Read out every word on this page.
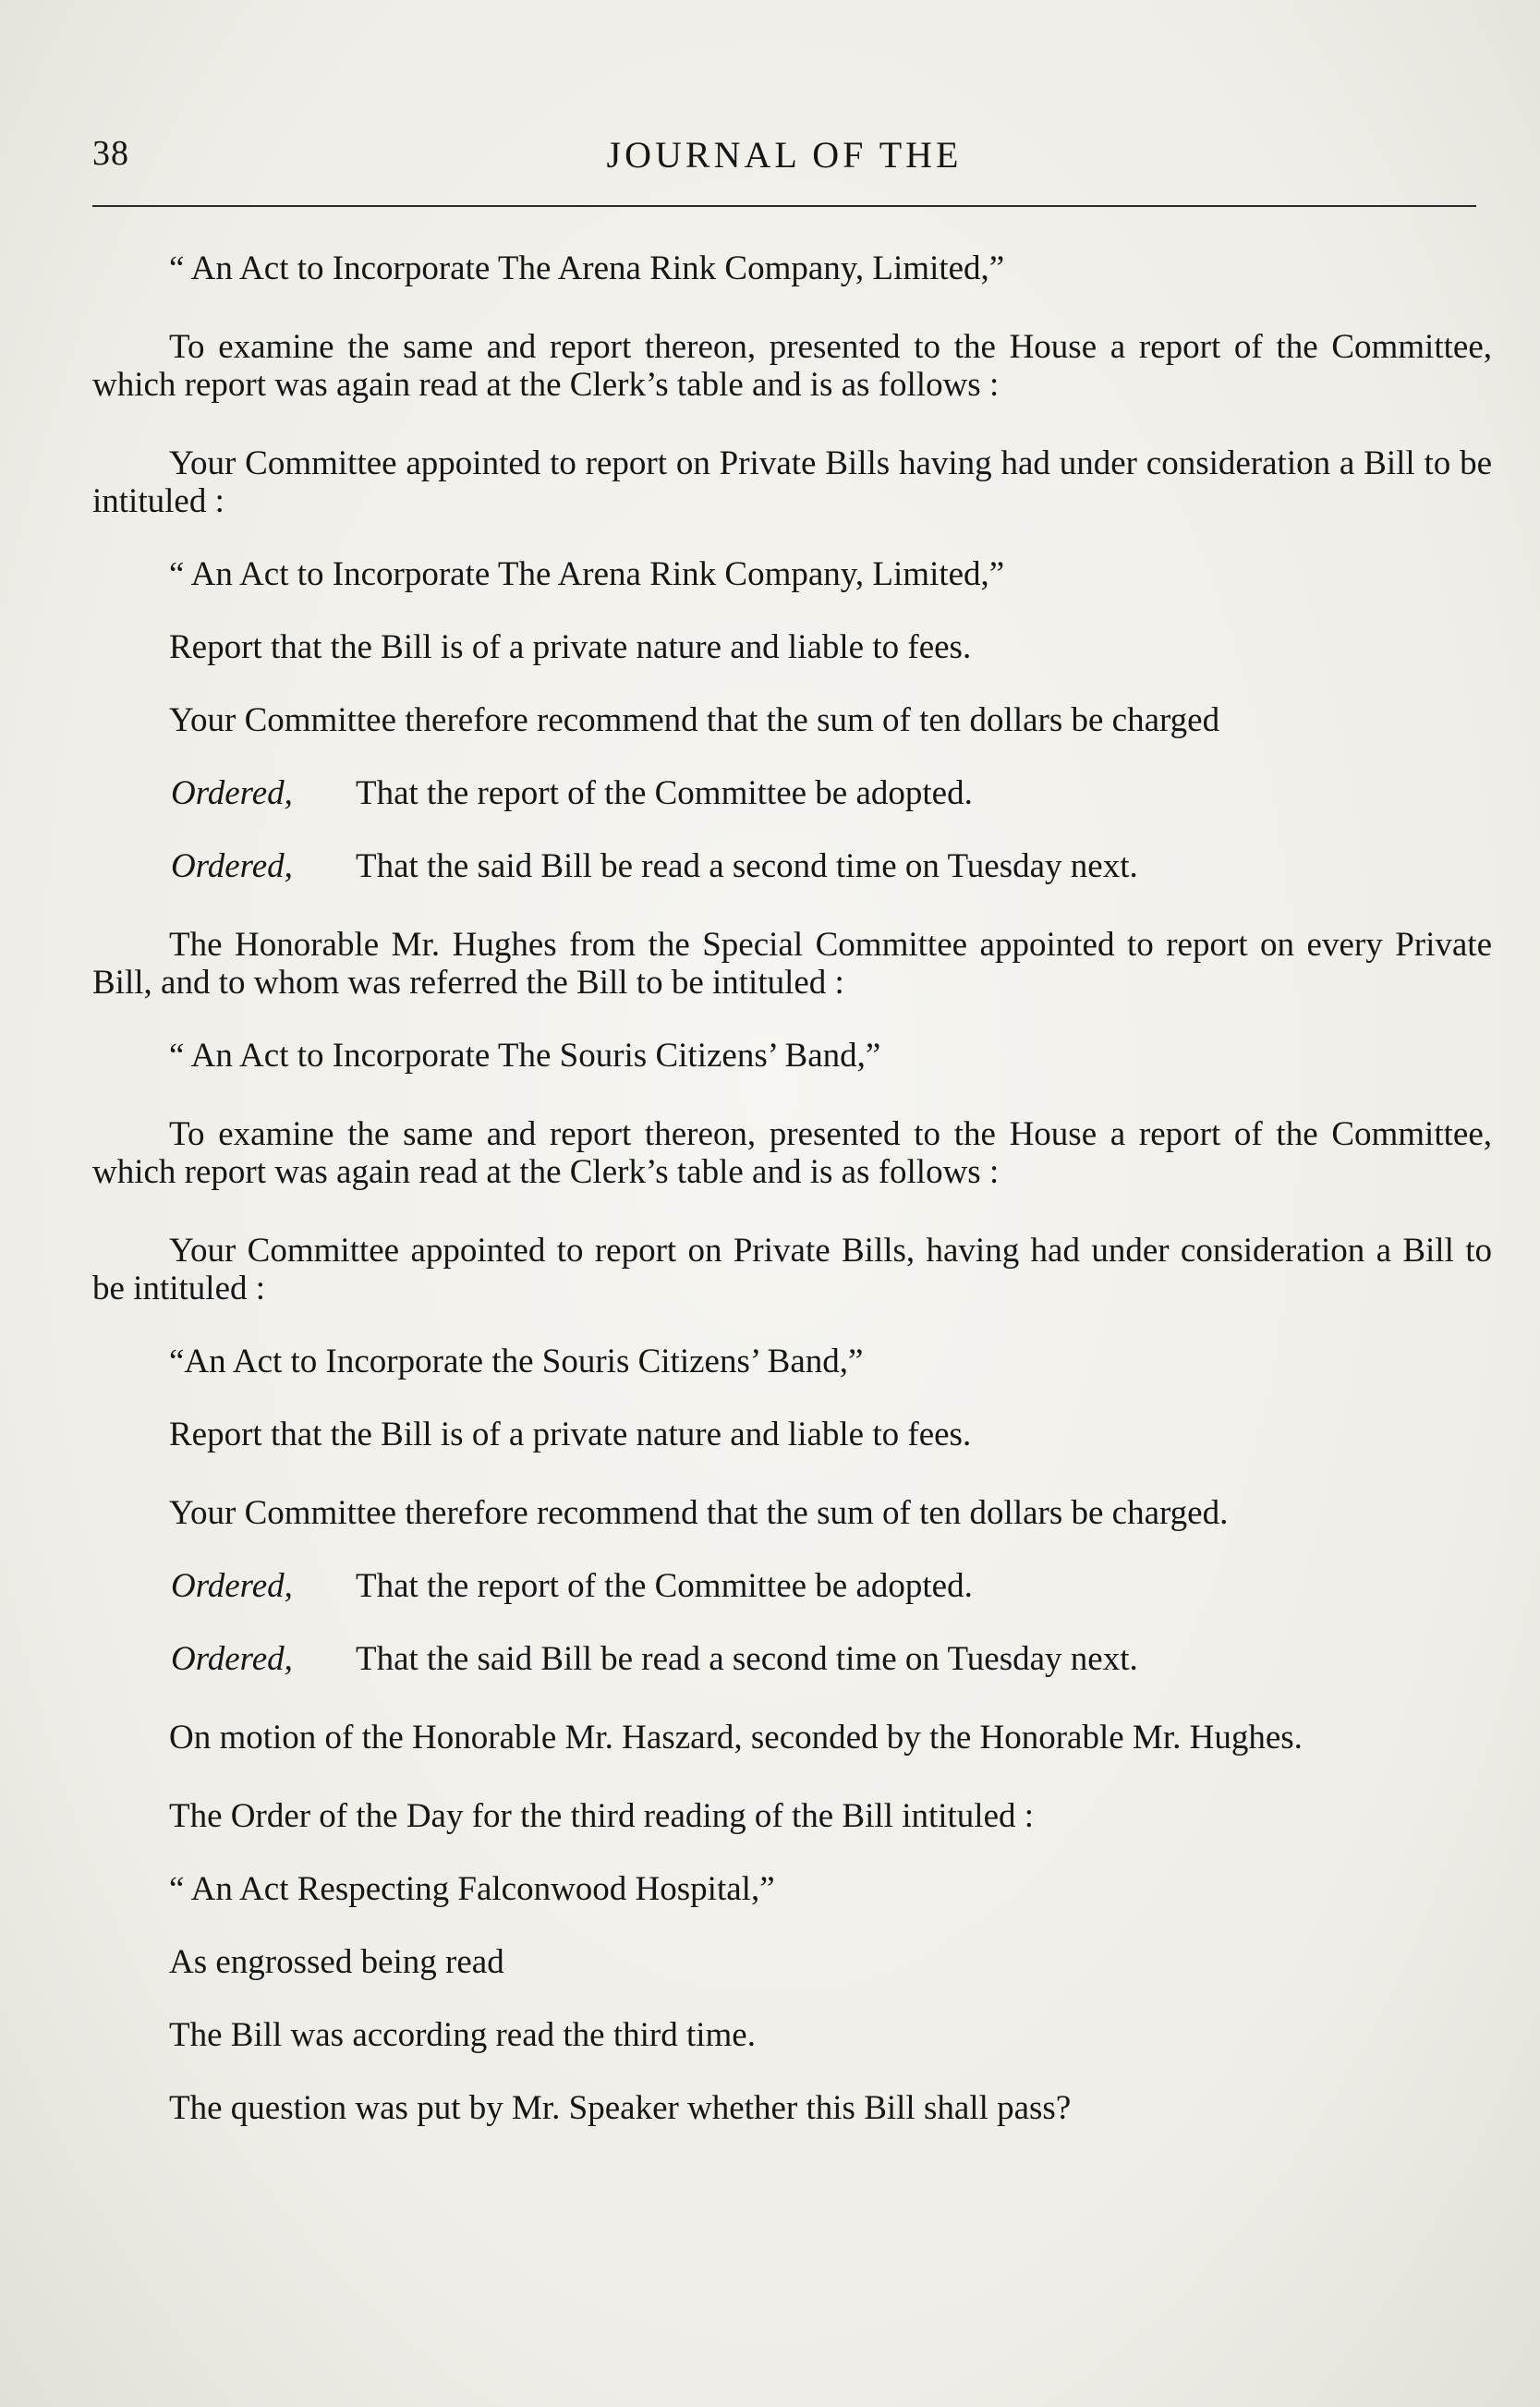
38	JOURNAL OF THE

“ An Act to Incorporate The Arena Rink Company, Limited,”

To examine the same and report thereon, presented to the House a report of the Committee, which report was again read at the Clerk’s table and is as follows :

Your Committee appointed to report on Private Bills having had under consideration a Bill to be intituled :

“ An Act to Incorporate The Arena Rink Company, Limited,”

Report that the Bill is of a private nature and liable to fees.

Your Committee therefore recommend that the sum of ten dollars be charged

Ordered, That the report of the Committee be adopted.

Ordered, That the said Bill be read a second time on Tuesday next.

The Honorable Mr. Hughes from the Special Committee appointed to report on every Private Bill, and to whom was referred the Bill to be intituled :

“ An Act to Incorporate The Souris Citizens’ Band,”

To examine the same and report thereon, presented to the House a report of the Committee, which report was again read at the Clerk’s table and is as follows :

Your Committee appointed to report on Private Bills, having had under consideration a Bill to be intituled :

“An Act to Incorporate the Souris Citizens’ Band,”

Report that the Bill is of a private nature and liable to fees.

Your Committee therefore recommend that the sum of ten dollars be charged.

Ordered, That the report of the Committee be adopted.

Ordered, That the said Bill be read a second time on Tuesday next.

On motion of the Honorable Mr. Haszard, seconded by the Honorable Mr. Hughes.

The Order of the Day for the third reading of the Bill intituled :

“ An Act Respecting Falconwood Hospital,”

As engrossed being read

The Bill was according read the third time.

The question was put by Mr. Speaker whether this Bill shall pass?
